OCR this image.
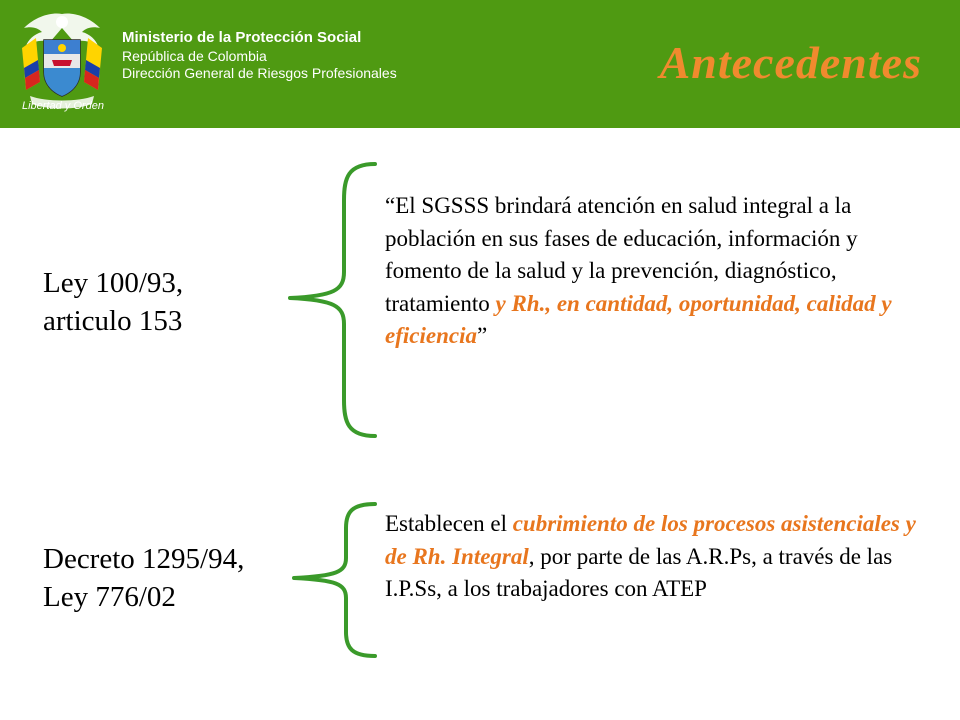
Ministerio de la Protección Social
República de Colombia
Dirección General de Riesgos Profesionales
Libertad y Orden
Antecedentes
Ley 100/93,
articulo 153
“El SGSSS brindará atención en salud integral a la población en sus fases de educación, información y fomento de la salud y la prevención, diagnóstico, tratamiento y Rh., en cantidad, oportunidad, calidad y eficiencia”
Decreto 1295/94,
Ley 776/02
Establecen el cubrimiento de los procesos asistenciales y de Rh. Integral, por parte de las A.R.Ps, a través de las I.P.Ss, a los trabajadores con ATEP
